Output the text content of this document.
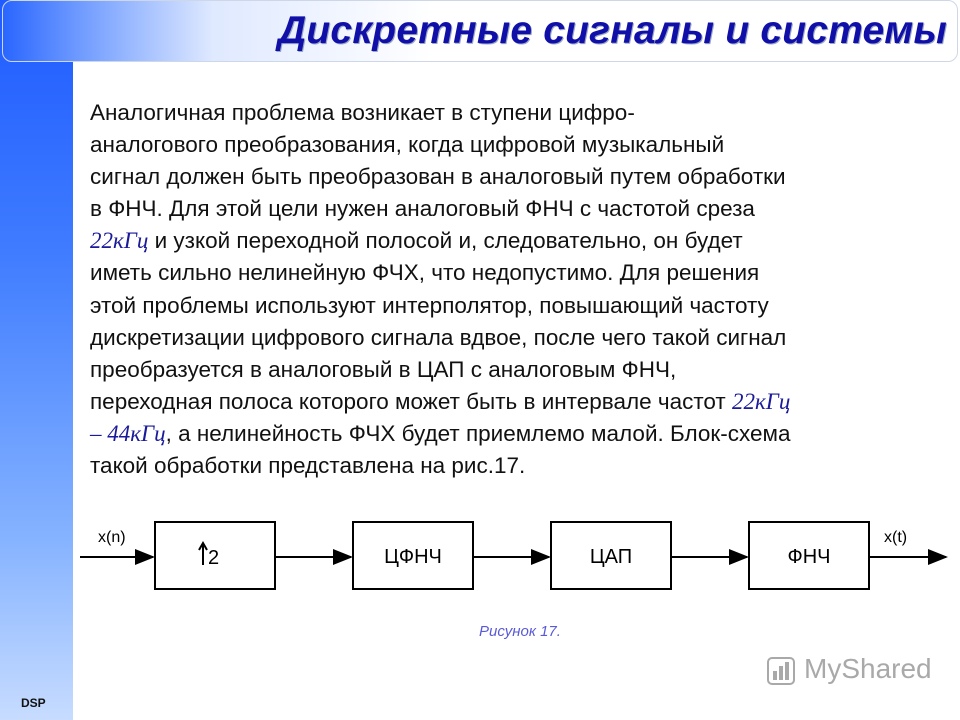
DSP
Дискретные сигналы и системы
Аналогичная проблема возникает в ступени цифро-
аналогового преобразования, когда цифровой музыкальный
сигнал должен быть преобразован в аналоговый путем обработки
в ФНЧ. Для этой цели нужен аналоговый ФНЧ с частотой среза
22кГц и узкой переходной полосой и, следовательно, он будет
иметь сильно нелинейную ФЧХ, что недопустимо. Для решения
этой проблемы используют интерполятор, повышающий частоту
дискретизации цифрового сигнала вдвое, после чего такой сигнал
преобразуется в аналоговый в ЦАП с аналоговым ФНЧ,
переходная полоса которого может быть в интервале частот 22кГц
– 44кГц, а нелинейность ФЧХ будет приемлемо малой. Блок-схема
такой обработки представлена на рис.17.
x(n)
2	ЦФНЧ	ЦАП	ФНЧ
x(t)
Рисунок 17.
MyShared
